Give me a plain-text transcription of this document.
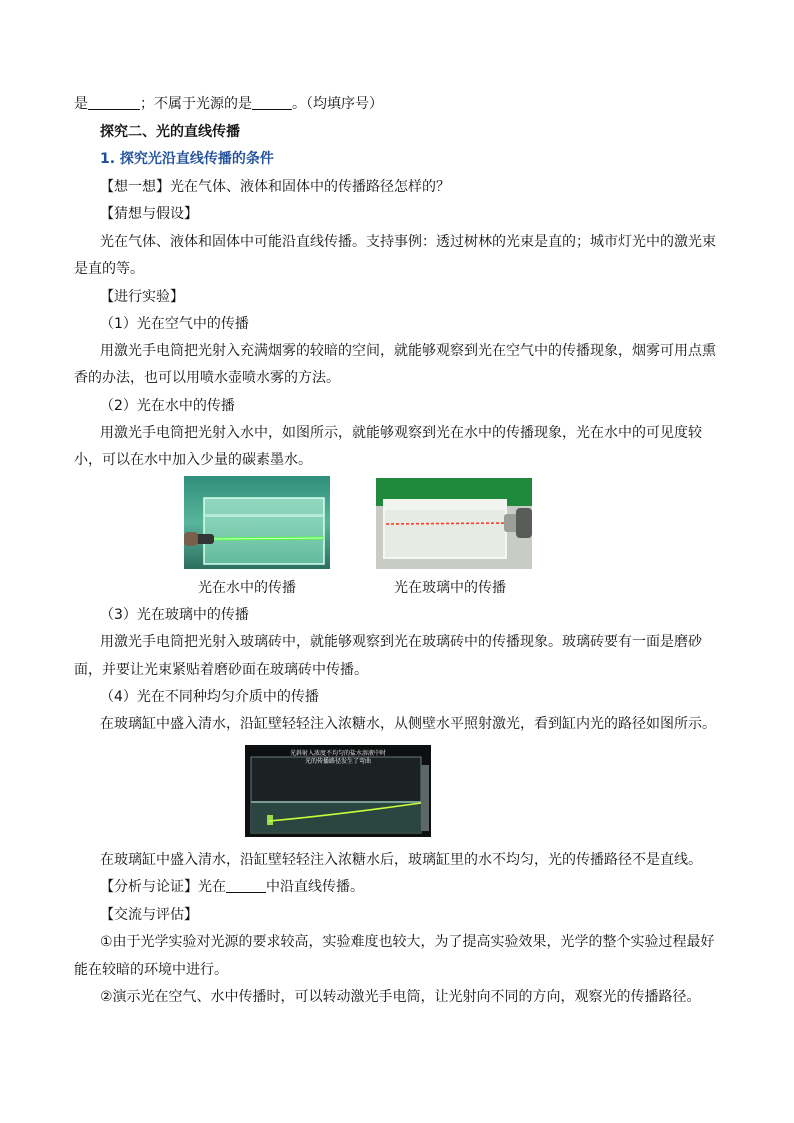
是	；不属于光源的是	。（均填序号）
探究二、光的直线传播
1. 探究光沿直线传播的条件
【想一想】光在气体、液体和固体中的传播路径怎样的？
【猜想与假设】
光在气体、液体和固体中可能沿直线传播。支持事例：透过树林的光束是直的；城市灯光中的激光束
是直的等。
【进行实验】
（1）光在空气中的传播
用激光手电筒把光射入充满烟雾的较暗的空间，就能够观察到光在空气中的传播现象，烟雾可用点熏
香的办法，也可以用喷水壶喷水雾的方法。
（2）光在水中的传播
用激光手电筒把光射入水中，如图所示，就能够观察到光在水中的传播现象，光在水中的可见度较
小，可以在水中加入少量的碳素墨水。
光在水中的传播	光在玻璃中的传播
（3）光在玻璃中的传播
用激光手电筒把光射入玻璃砖中，就能够观察到光在玻璃砖中的传播现象。玻璃砖要有一面是磨砂
面，并要让光束紧贴着磨砂面在玻璃砖中传播。
（4）光在不同种均匀介质中的传播
在玻璃缸中盛入清水，沿缸壁轻轻注入浓糖水，从侧壁水平照射激光，看到缸内光的路径如图所示。
光斜射入浓度不均匀的盐水溶液中时
光的传播路径发生了弯曲
在玻璃缸中盛入清水，沿缸壁轻轻注入浓糖水后，玻璃缸里的水不均匀，光的传播路径不是直线。
【分析与论证】光在	中沿直线传播。
【交流与评估】
①由于光学实验对光源的要求较高，实验难度也较大，为了提高实验效果，光学的整个实验过程最好
能在较暗的环境中进行。
②演示光在空气、水中传播时，可以转动激光手电筒，让光射向不同的方向，观察光的传播路径。
